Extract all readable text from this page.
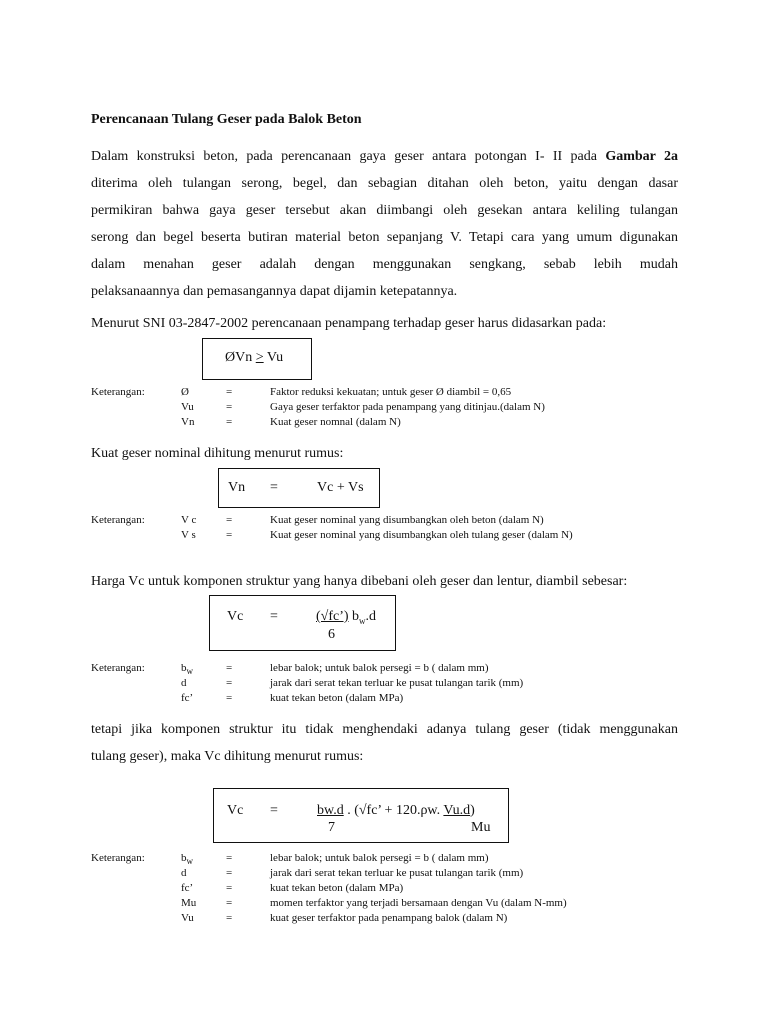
Perencanaan Tulang Geser pada Balok Beton
Dalam konstruksi beton, pada perencanaan gaya geser antara potongan I- II pada Gambar 2a
diterima oleh tulangan serong, begel, dan sebagian ditahan oleh beton, yaitu dengan dasar
permikiran bahwa gaya geser tersebut akan diimbangi oleh gesekan antara keliling tulangan
serong dan begel beserta butiran material beton sepanjang V. Tetapi cara yang umum digunakan
dalam menahan geser adalah dengan menggunakan sengkang, sebab lebih mudah
pelaksanaannya dan pemasangannya dapat dijamin ketepatannya.
Menurut SNI 03-2847-2002 perencanaan penampang terhadap geser harus didasarkan pada:
ØVn > Vu
Keterangan:	Ø	=	Faktor reduksi kekuatan; untuk geser Ø diambil = 0,65
Vu	=	Gaya geser terfaktor pada penampang yang ditinjau.(dalam N)
Vn	=	Kuat geser nomnal (dalam N)
Kuat geser nominal dihitung menurut rumus:
Vn =	Vc + Vs
Keterangan:	V c	=	Kuat geser nominal yang disumbangkan oleh beton (dalam N)
V s	=	Kuat geser nominal yang disumbangkan oleh tulang geser (dalam N)
Harga Vc untuk komponen struktur yang hanya dibebani oleh geser dan lentur, diambil sebesar:
Vc =	(√fc’) $b_w.d$
6
Keterangan:	$b_w$	=	lebar balok; untuk balok persegi = b ( dalam mm)
d	=	jarak dari serat tekan terluar ke pusat tulangan tarik (mm)
fc’	=	kuat tekan beton (dalam MPa)
tetapi jika komponen struktur itu tidak menghendaki adanya tulang geser (tidak menggunakan
tulang geser), maka Vc dihitung menurut rumus:
Vc =	bw.d . (√fc’ + 120.ρw. Vu.d)
7	Mu
Keterangan:	$b_w$	=	lebar balok; untuk balok persegi = b ( dalam mm)
d	=	jarak dari serat tekan terluar ke pusat tulangan tarik (mm)
fc’	=	kuat tekan beton (dalam MPa)
Mu	=	momen terfaktor yang terjadi bersamaan dengan Vu (dalam N-mm)
Vu	=	kuat geser terfaktor pada penampang balok (dalam N)
